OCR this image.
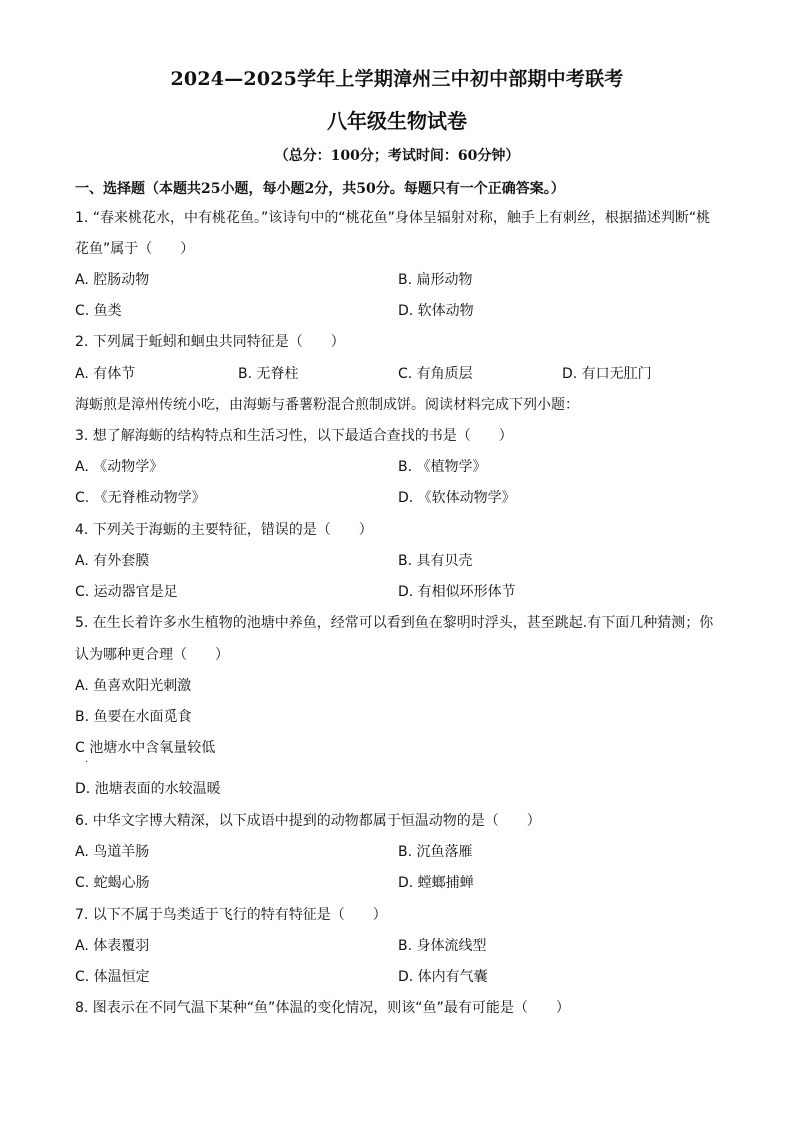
2024—2025学年上学期漳州三中初中部期中考联考
八年级生物试卷
（总分：100分；考试时间：60分钟）
一、选择题（本题共25小题，每小题2分，共50分。每题只有一个正确答案。）
1. “春来桃花水，中有桃花鱼。”该诗句中的“桃花鱼”身体呈辐射对称，触手上有刺丝，根据描述判断“桃
花鱼”属于（　　）
A. 腔肠动物	B. 扁形动物
C. 鱼类	D. 软体动物
2. 下列属于蚯蚓和蛔虫共同特征是（　　）
A. 有体节	B. 无脊柱	C. 有角质层	D. 有口无肛门
海蛎煎是漳州传统小吃，由海蛎与番薯粉混合煎制成饼。阅读材料完成下列小题：
3. 想了解海蛎的结构特点和生活习性，以下最适合查找的书是（　　）
A. 《动物学》	B. 《植物学》
C. 《无脊椎动物学》	D. 《软体动物学》
4. 下列关于海蛎的主要特征，错误的是（　　）
A. 有外套膜	B. 具有贝壳
C. 运动器官是足	D. 有相似环形体节
5. 在生长着许多水生植物的池塘中养鱼，经常可以看到鱼在黎明时浮头，甚至跳起.有下面几种猜测；你
认为哪种更合理（　　）
A. 鱼喜欢阳光刺激
B. 鱼要在水面觅食
C 池塘水中含氧量较低
·
D. 池塘表面的水较温暖
6. 中华文字博大精深，以下成语中提到的动物都属于恒温动物的是（　　）
A. 鸟道羊肠	B. 沉鱼落雁
C. 蛇蝎心肠	D. 螳螂捕蝉
7. 以下不属于鸟类适于飞行的特有特征是（　　）
A. 体表覆羽	B. 身体流线型
C. 体温恒定	D. 体内有气囊
8. 图表示在不同气温下某种“鱼”体温的变化情况，则该“鱼”最有可能是（　　）
